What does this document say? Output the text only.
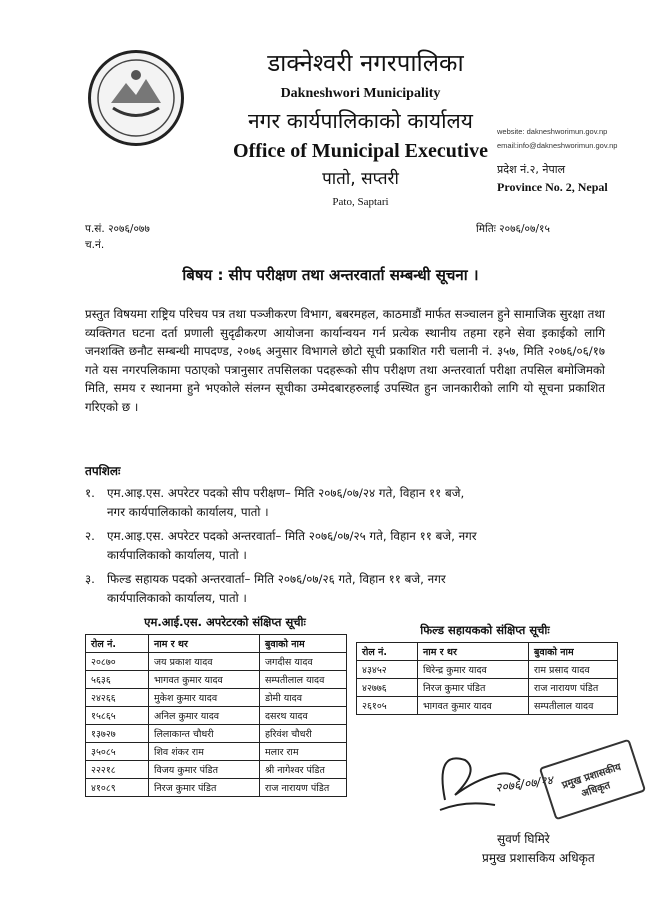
डाक्नेश्वरी नगरपालिका
Dakneshwori Municipality
नगर कार्यपालिकाको कार्यालय
Office of Municipal Executive
पातो, सप्तरी
Pato, Saptari
website: dakneshworimun.gov.np
email:info@dakneshworimun.gov.np
प्रदेश नं.२, नेपाल
Province No. 2, Nepal
प.सं. २०७६/०७७
च.नं.
मितिः २०७६/०७/१५
बिषय : सीप परीक्षण तथा अन्तरवार्ता सम्बन्धी सूचना ।
प्रस्तुत विषयमा राष्ट्रिय परिचय पत्र तथा पञ्जीकरण विभाग, बबरमहल, काठमाडौं मार्फत सञ्चालन हुने सामाजिक सुरक्षा तथा व्यक्तिगत घटना दर्ता प्रणाली सुदृढीकरण आयोजना कार्यान्वयन गर्न प्रत्येक स्थानीय तहमा रहने सेवा इकाईको लागि जनशक्ति छनौट सम्बन्धी मापदण्ड, २०७६ अनुसार विभागले छोटो सूची प्रकाशित गरी चलानी नं. ३५७, मिति २०७६/०६/१७ गते यस नगरपलिकामा पठाएको पत्रानुसार तपसिलका पदहरूको सीप परीक्षण तथा अन्तरवार्ता परीक्षा तपसिल बमोजिमको मिति, समय र स्थानमा हुने भएकोले संलग्न सूचीका उम्मेदबारहरुलाई उपस्थित हुन जानकारीको लागि यो सूचना प्रकाशित गरिएको छ ।
तपशिलः
१.	एम.आइ.एस. अपरेटर पदको सीप परीक्षण– मिति २०७६/०७/२४ गते, विहान ११ बजे,
नगर कार्यपालिकाको कार्यालय, पातो ।
२.	एम.आइ.एस. अपरेटर पदको अन्तरवार्ता– मिति २०७६/०७/२५ गते, विहान ११ बजे, नगर
कार्यपालिकाको कार्यालय, पातो ।
३.	फिल्ड सहायक पदको अन्तरवार्ता– मिति २०७६/०७/२६ गते, विहान ११ बजे, नगर
कार्यपालिकाको कार्यालय, पातो ।
एम.आई.एस. अपरेटरको संक्षिप्त सूचीः
रोल नं.	नाम र थर	बुवाको नाम
२०८७०	जय प्रकाश यादव	जगदीस यादव
५६३६	भागवत कुमार यादव	सम्पतीलाल यादव
२४२६६	मुकेश कुमार यादव	डोमी यादव
१५८६५	अनिल कुमार यादव	दसरथ यादव
१३७२७	लिलाकान्त चौधरी	हरिवंश चौधरी
३५०८५	शिव शंकर राम	मलार राम
२२२१८	विजय कुमार पंडित	श्री नागेश्वर पंडित
४१०८९	निरज कुमार पंडित	राज नारायण पंडित
फिल्ड सहायकको संक्षिप्त सूचीः
रोल नं.	नाम र थर	बुवाको नाम
४३४५२	धिरेन्द्र कुमार यादव	राम प्रसाद यादव
४२७७६	निरज कुमार पंडित	राज नारायण पंडित
२६१०५	भागवत कुमार यादव	सम्पतीलाल यादव
२०७६/०७/१४ प्रमुख प्रशासकीय अधिकृत
सुवर्ण घिमिरे
प्रमुख प्रशासकिय अधिकृत
